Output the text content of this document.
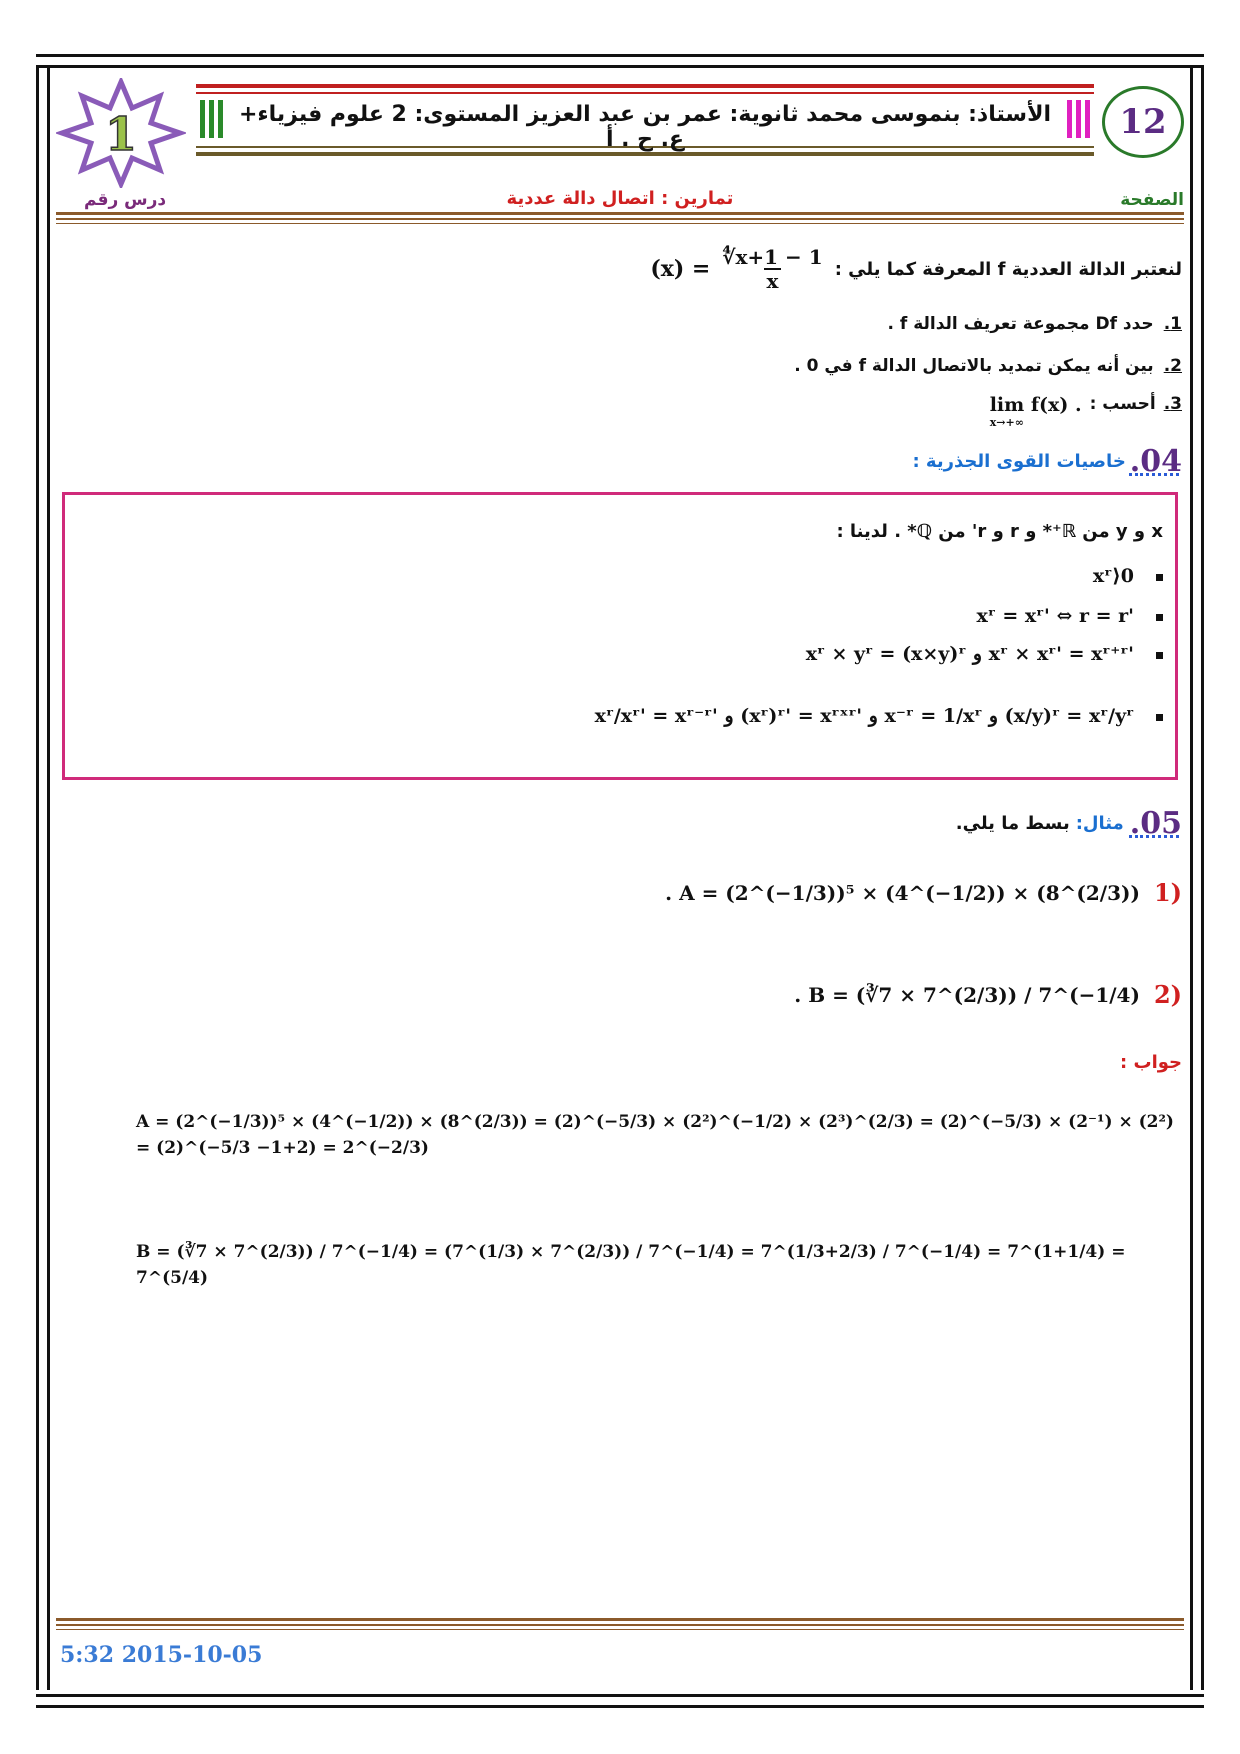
1	الأستاذ: بنموسى محمد ثانوية: عمر بن عبد العزيز المستوى: 2 علوم فيزياء+ ع. ح . أ	12
درس رقم	تمارين : اتصال دالة عددية	الصفحة
لنعتبر الدالة العددية f المعرفة كما يلي :
$\frac{∜x+1 - 1}{x}$
(x) =
1.حدد Df مجموعة تعريف الدالة f .
2.بين أنه يمكن تمديد بالاتصال الدالة f في 0 .
3.
أحسب :
lim f(x) .
x→+∞
04.
خاصيات القوى الجذرية :
x و y من ℝ⁺* و r و r' من ℚ* . لدينا :
xʳ⟩0
xʳ = xʳ' ⇔ r = r'
xʳ × yʳ = (x×y)ʳ و xʳ × xʳ' = xʳ⁺ʳ'
xʳ/xʳ' = xʳ⁻ʳ' و (xʳ)ʳ' = xʳˣʳ' و x⁻ʳ = 1/xʳ و (x/y)ʳ = xʳ/yʳ
05.
مثال:
بسط ما يلي.
(1
. A = (2^(−1/3))⁵ × (4^(−1/2)) × (8^(2/3))
(2
. B = (∛7 × 7^(2/3)) / 7^(−1/4)
جواب :
A = (2^(−1/3))⁵ × (4^(−1/2)) × (8^(2/3)) = (2)^(−5/3) × (2²)^(−1/2) × (2³)^(2/3) = (2)^(−5/3) × (2⁻¹) × (2²) = (2)^(−5/3 −1+2) = 2^(−2/3)
B = (∛7 × 7^(2/3)) / 7^(−1/4) = (7^(1/3) × 7^(2/3)) / 7^(−1/4) = 7^(1/3+2/3) / 7^(−1/4) = 7^(1+1/4) = 7^(5/4)
5:32 2015-10-05
